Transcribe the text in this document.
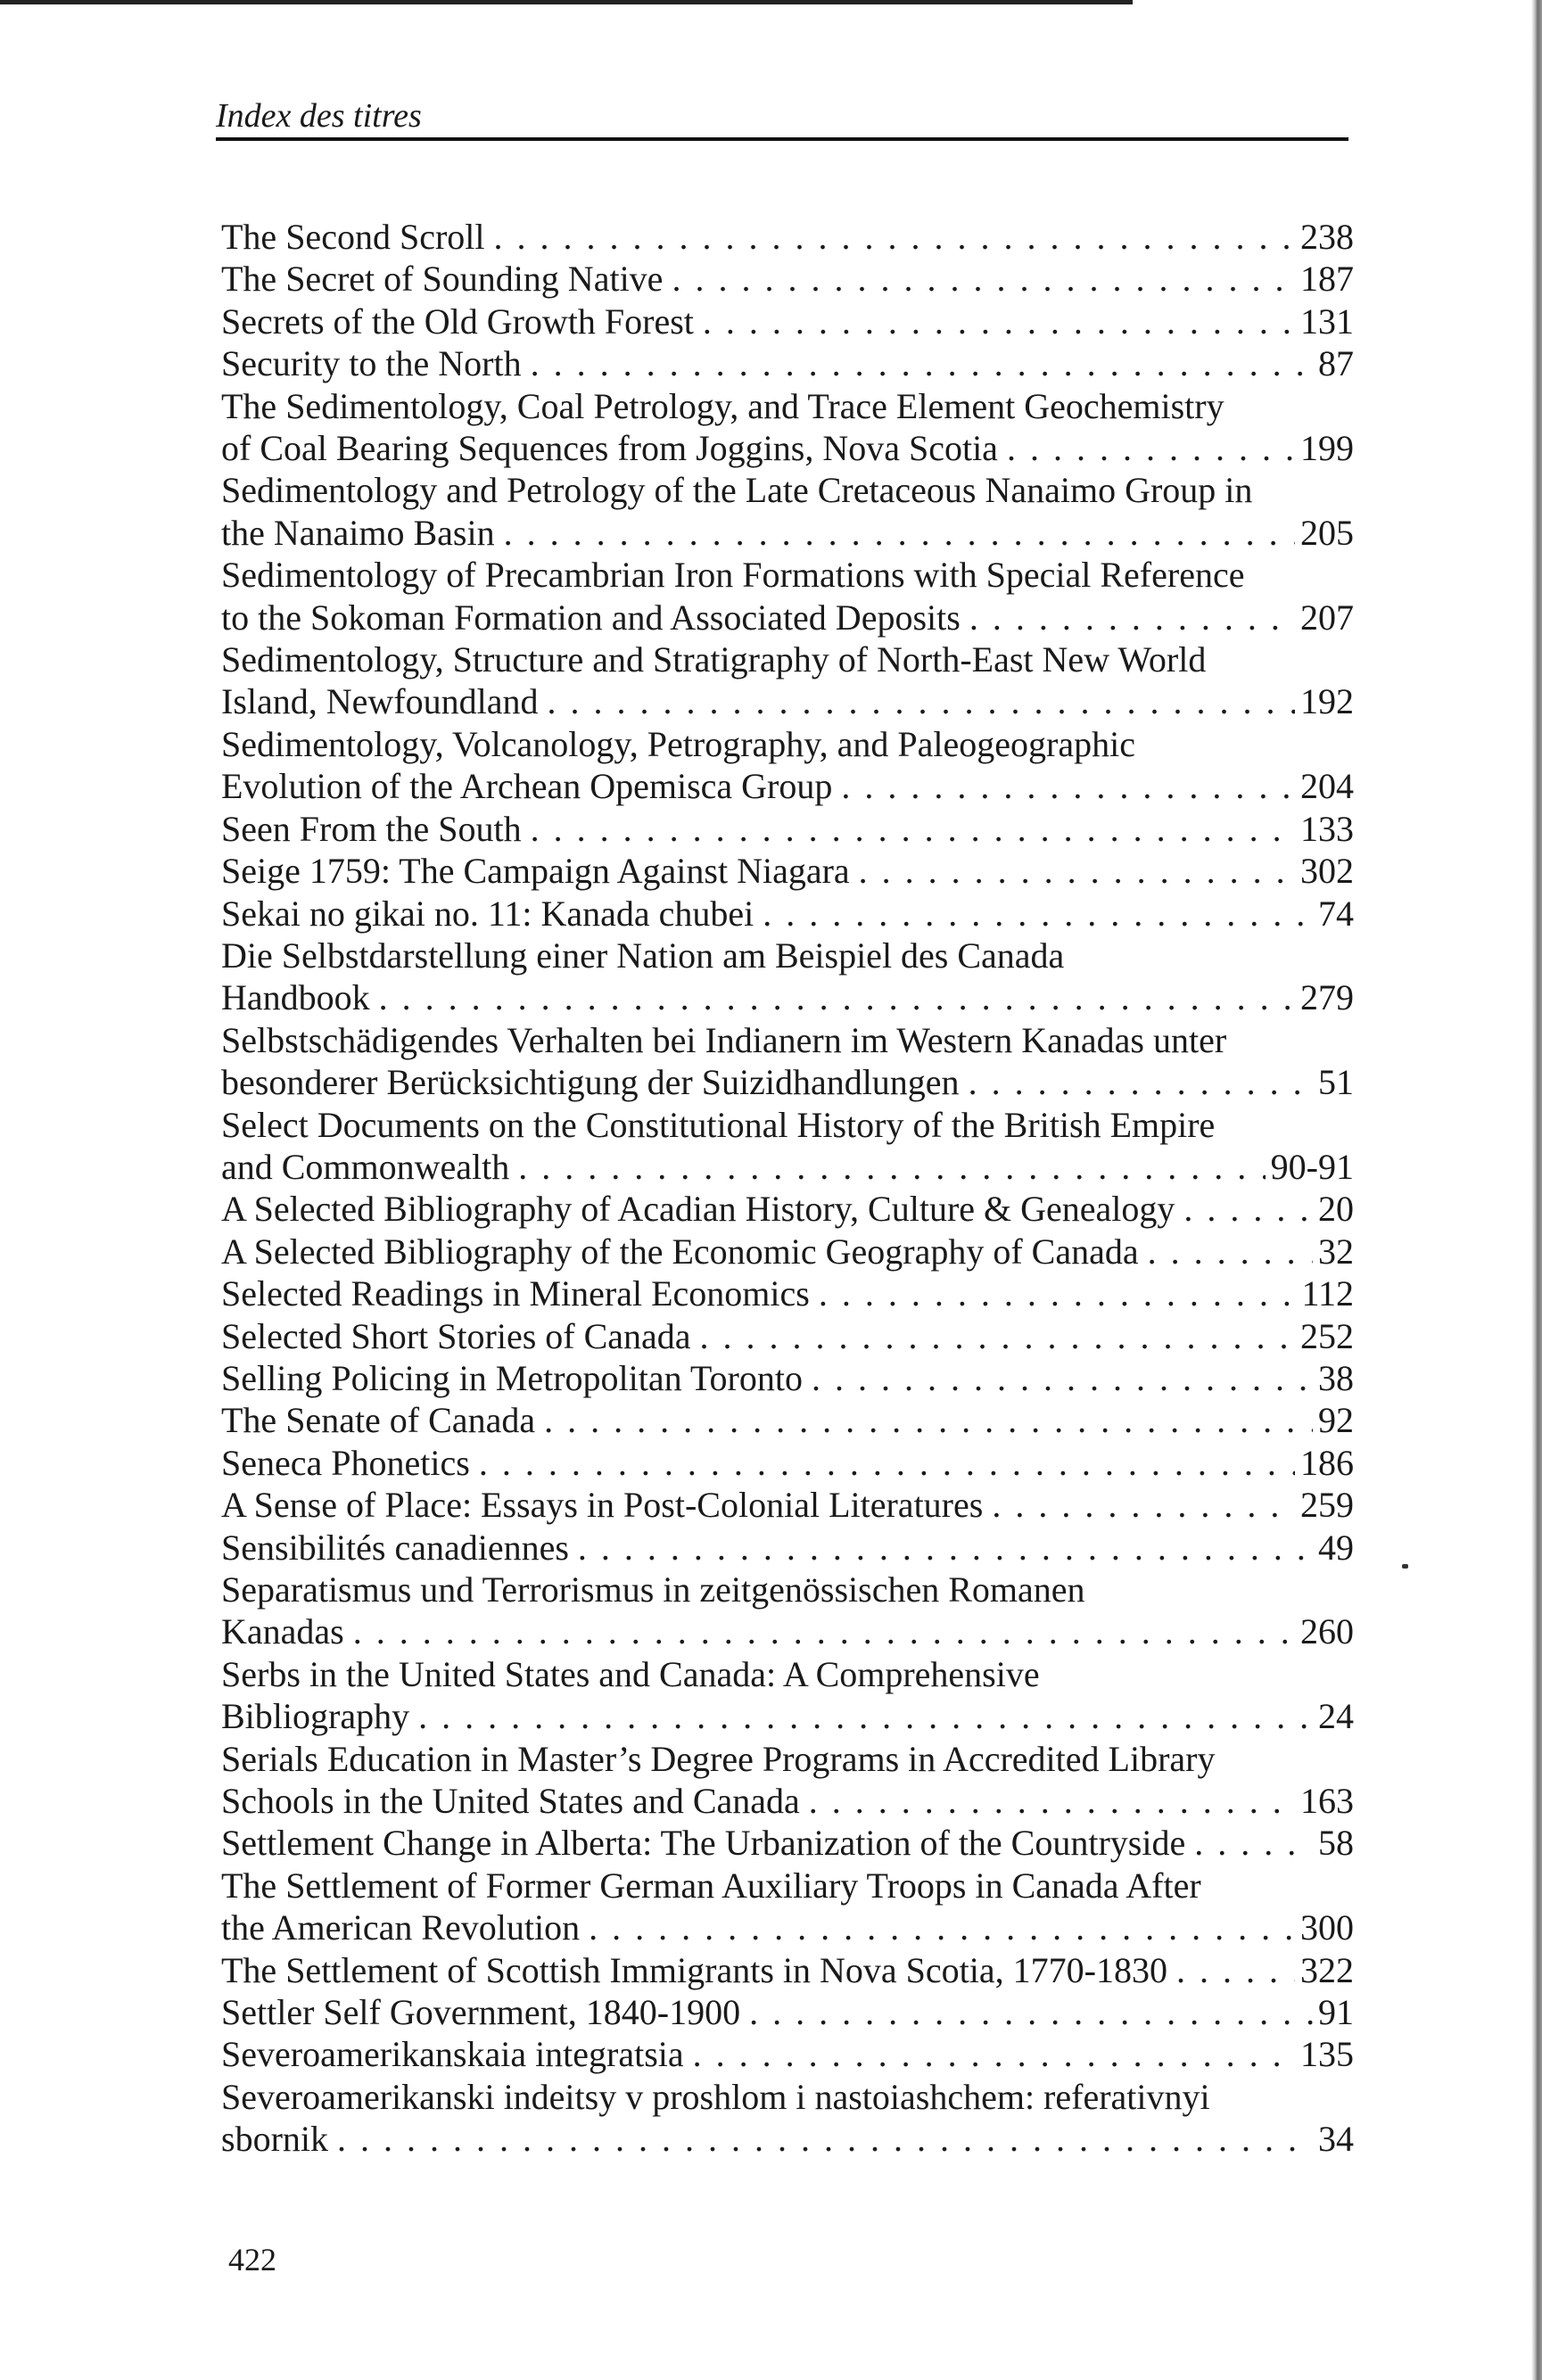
Index des titres
The Second Scroll . . .	238
The Secret of Sounding Native . . .	187
Secrets of the Old Growth Forest . . .	131
Security to the North . . .	87
The Sedimentology, Coal Petrology, and Trace Element Geochemistry
of Coal Bearing Sequences from Joggins, Nova Scotia . . .	199
Sedimentology and Petrology of the Late Cretaceous Nanaimo Group in
the Nanaimo Basin . . .	205
Sedimentology of Precambrian Iron Formations with Special Reference
to the Sokoman Formation and Associated Deposits . . .	207
Sedimentology, Structure and Stratigraphy of North-East New World
Island, Newfoundland . . .	192
Sedimentology, Volcanology, Petrography, and Paleogeographic
Evolution of the Archean Opemisca Group . . .	204
Seen From the South . . .	133
Seige 1759: The Campaign Against Niagara . . .	302
Sekai no gikai no. 11: Kanada chubei . . .	74
Die Selbstdarstellung einer Nation am Beispiel des Canada
Handbook . . .	279
Selbstschädigendes Verhalten bei Indianern im Western Kanadas unter
besonderer Berücksichtigung der Suizidhandlungen . . .	51
Select Documents on the Constitutional History of the British Empire
and Commonwealth . . .	90-91
A Selected Bibliography of Acadian History, Culture & Genealogy . . .	20
A Selected Bibliography of the Economic Geography of Canada . . .	32
Selected Readings in Mineral Economics . . .	112
Selected Short Stories of Canada . . .	252
Selling Policing in Metropolitan Toronto . . .	38
The Senate of Canada . . .	92
Seneca Phonetics . . .	186
A Sense of Place: Essays in Post-Colonial Literatures . . .	259
Sensibilités canadiennes . . .	49
Separatismus und Terrorismus in zeitgenössischen Romanen
Kanadas . . .	260
Serbs in the United States and Canada: A Comprehensive
Bibliography . . .	24
Serials Education in Master’s Degree Programs in Accredited Library
Schools in the United States and Canada . . .	163
Settlement Change in Alberta: The Urbanization of the Countryside . . .	58
The Settlement of Former German Auxiliary Troops in Canada After
the American Revolution . . .	300
The Settlement of Scottish Immigrants in Nova Scotia, 1770-1830 . . .	322
Settler Self Government, 1840-1900 . . .	91
Severoamerikanskaia integratsia . . .	135
Severoamerikanski indeitsy v proshlom i nastoiashchem: referativnyi
sbornik . . .	34
422
